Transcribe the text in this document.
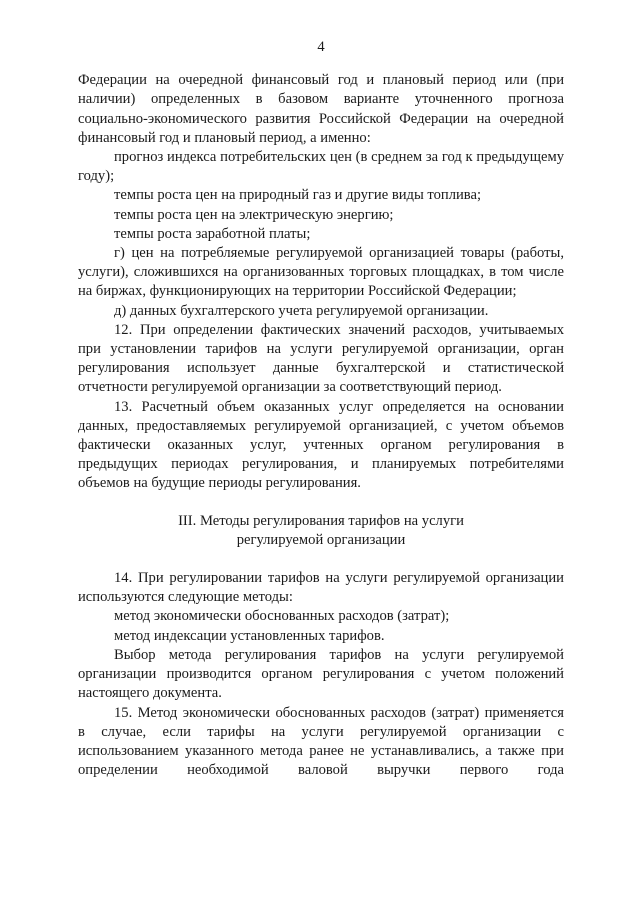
4

Федерации на очередной финансовый год и плановый период или (при наличии) определенных в базовом варианте уточненного прогноза социально-экономического развития Российской Федерации на очередной финансовый год и плановый период, а именно:

прогноз индекса потребительских цен (в среднем за год к предыдущему году);

темпы роста цен на природный газ и другие виды топлива;

темпы роста цен на электрическую энергию;

темпы роста заработной платы;

г) цен на потребляемые регулируемой организацией товары (работы, услуги), сложившихся на организованных торговых площадках, в том числе на биржах, функционирующих на территории Российской Федерации;

д) данных бухгалтерского учета регулируемой организации.

12. При определении фактических значений расходов, учитываемых при установлении тарифов на услуги регулируемой организации, орган регулирования использует данные бухгалтерской и статистической отчетности регулируемой организации за соответствующий период.

13. Расчетный объем оказанных услуг определяется на основании данных, предоставляемых регулируемой организацией, с учетом объемов фактически оказанных услуг, учтенных органом регулирования в предыдущих периодах регулирования, и планируемых потребителями объемов на будущие периоды регулирования.

III. Методы регулирования тарифов на услуги
регулируемой организации

14. При регулировании тарифов на услуги регулируемой организации используются следующие методы:

метод экономически обоснованных расходов (затрат);

метод индексации установленных тарифов.

Выбор метода регулирования тарифов на услуги регулируемой организации производится органом регулирования с учетом положений настоящего документа.

15. Метод экономически обоснованных расходов (затрат) применяется в случае, если тарифы на услуги регулируемой организации с использованием указанного метода ранее не устанавливались, а также при определении необходимой валовой выручки первого года
